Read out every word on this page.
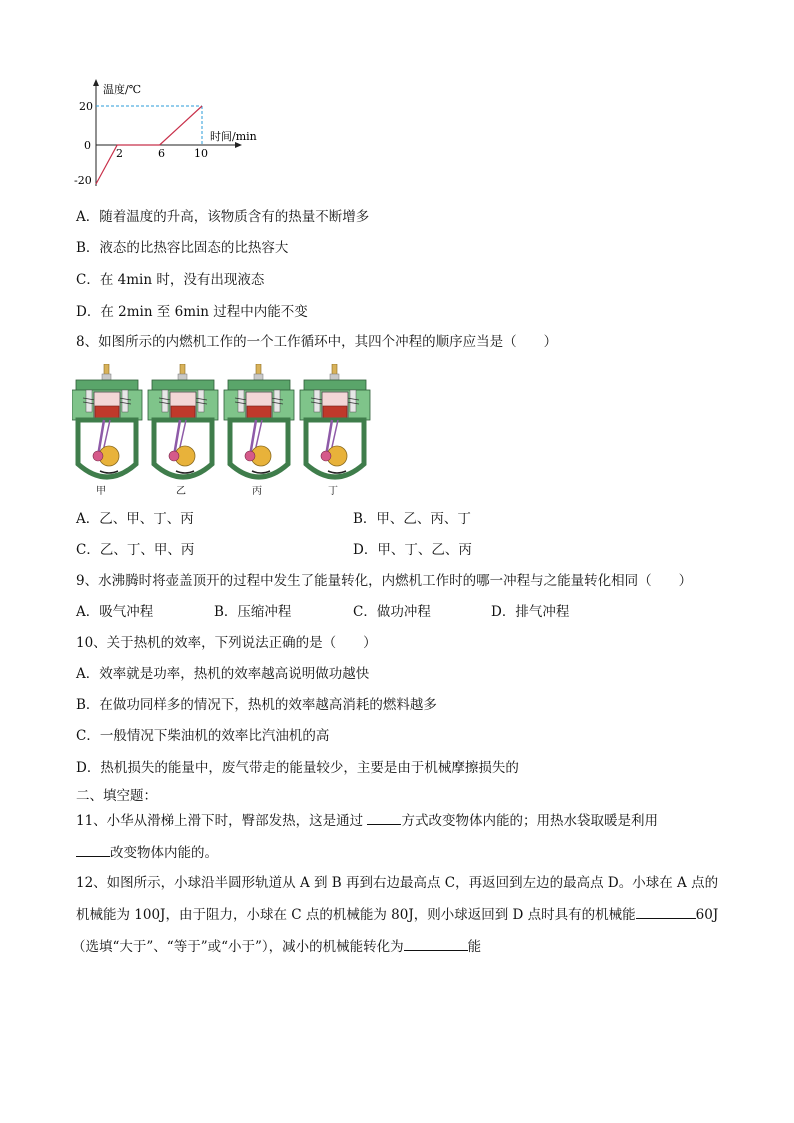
温度/℃
时间/min
20
0
-20
2	6	10
A．随着温度的升高，该物质含有的热量不断增多
B．液态的比热容比固态的比热容大
C．在 4min 时，没有出现液态
D．在 2min 至 6min 过程中内能不变
8、如图所示的内燃机工作的一个工作循环中，其四个冲程的顺序应当是（　　）
甲	乙	丙	丁
A．乙、甲、丁、丙	B．甲、乙、丙、丁
C．乙、丁、甲、丙	D．甲、丁、乙、丙
9、水沸腾时将壶盖顶开的过程中发生了能量转化，内燃机工作时的哪一冲程与之能量转化相同（　　）
A．吸气冲程	B．压缩冲程	C．做功冲程	D．排气冲程
10、关于热机的效率，下列说法正确的是（　　）
A．效率就是功率，热机的效率越高说明做功越快
B．在做功同样多的情况下，热机的效率越高消耗的燃料越多
C．一般情况下柴油机的效率比汽油机的高
D．热机损失的能量中，废气带走的能量较少，主要是由于机械摩擦损失的
二、填空题：
11、小华从滑梯上滑下时，臀部发热，这是通过	方式改变物体内能的；用热水袋取暖是利用
改变物体内能的。
12、如图所示，小球沿半圆形轨道从 A 到 B 再到右边最高点 C，再返回到左边的最高点 D。小球在 A 点的
机械能为 100J，由于阻力，小球在 C 点的机械能为 80J，则小球返回到 D 点时具有的机械能	60J
（选填“大于”、“等于”或“小于”），减小的机械能转化为	能
